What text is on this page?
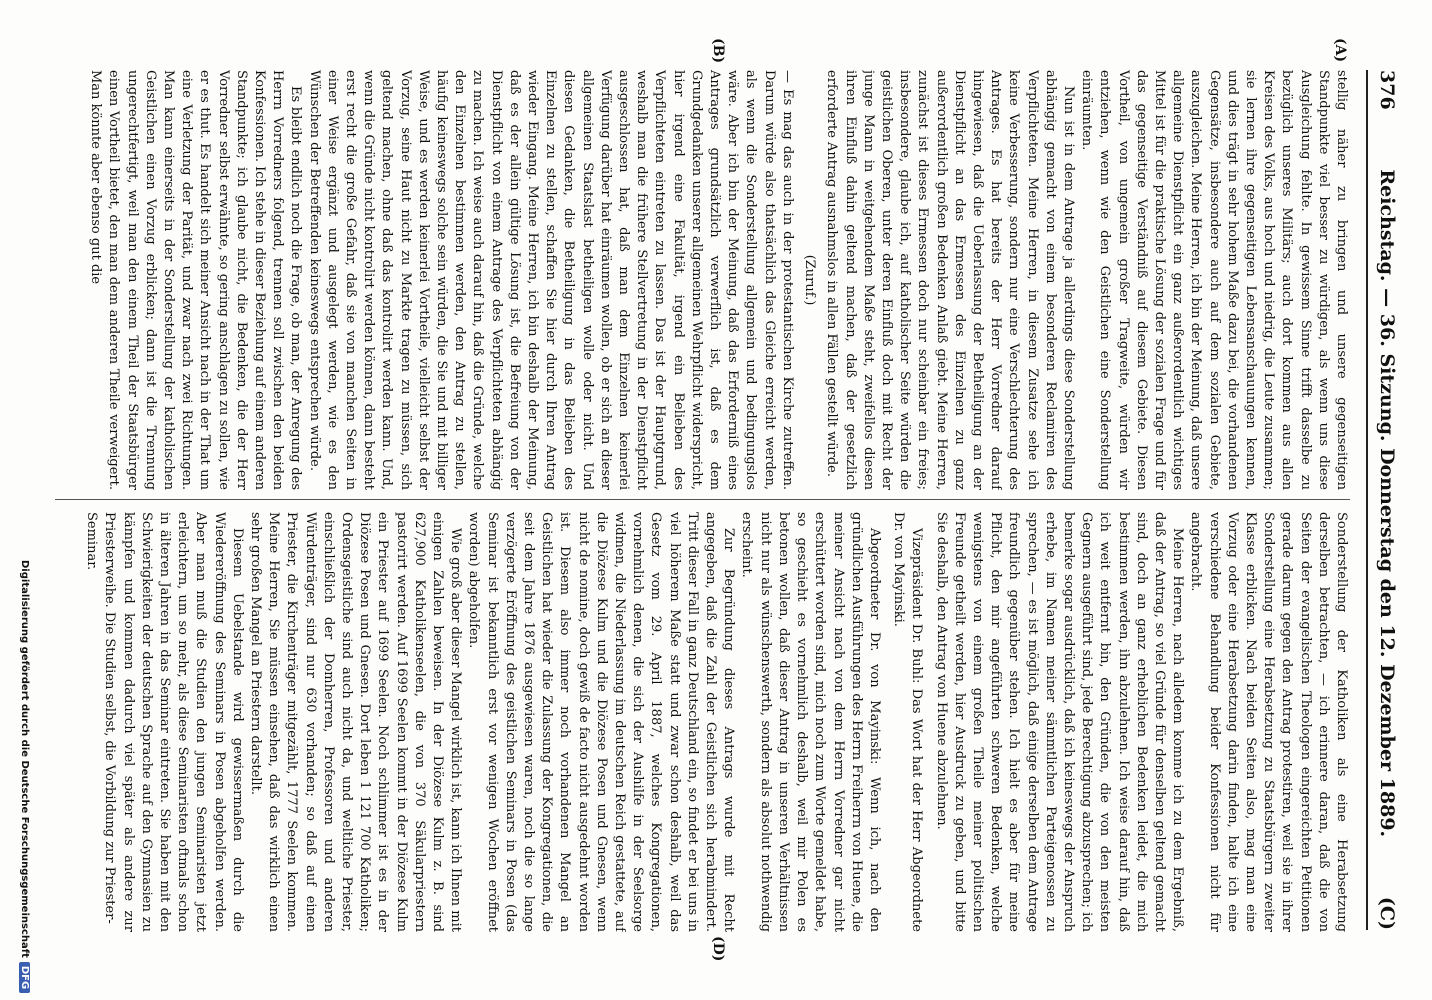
376
Reichstag. — 36. Sitzung. Donnerstag den 12. Dezember 1889.
(C)
(A)
(B)
(D)

stellig näher zu bringen und unsere gegenseitigen Standpunkte viel besser zu würdigen, als wenn uns diese Ausgleichung fehlte. In gewissem Sinne trifft dasselbe zu bezüglich unseres Militärs; auch dort kommen aus allen Kreisen des Volks, aus hoch und niedrig, die Leute zusammen; sie lernen ihre gegenseitigen Lebensanschauungen kennen, und dies trägt in sehr hohem Maße dazu bei, die vorhandenen Gegensätze, insbesondere auch auf dem sozialen Gebiete, auszugleichen. Meine Herren, ich bin der Meinung, daß unsere allgemeine Dienstpflicht ein ganz außerordentlich wichtiges Mittel ist für die praktische Lösung der sozialen Frage und für das gegenseitige Verständniß auf diesem Gebiete. Diesen Vortheil, von ungemein großer Tragweite, würden wir entziehen, wenn wie den Geistlichen eine Sonderstellung einräumten.

Nun ist in dem Antrage ja allerdings diese Sonderstellung abhängig gemacht von einem besonderen Reclamiren des Verpflichteten. Meine Herren, in diesem Zusatze sehe ich keine Verbesserung, sondern nur eine Verschlechterung des Antrages. Es hat bereits der Herr Vorredner darauf hingewiesen, daß die Ueberlassung der Betheiligung an der Dienstpflicht an das Ermessen des Einzelnen zu ganz außerordentlich großen Bedenken Anlaß giebt. Meine Herren, zunächst ist dieses Ermessen doch nur scheinbar ein freies; insbesondere, glaube ich, auf katholischer Seite würden die geistlichen Oberen, unter deren Einfluß doch mit Recht der junge Mann in weitgehendem Maße steht, zweifellos diesen ihren Einfluß dahin geltend machen, daß der gesetzlich erforderte Antrag ausnahmslos in allen Fällen gestellt würde.

(Zuruf.)

— Es mag das auch in der protestantischen Kirche zutreffen. Darum würde also thatsächlich das Gleiche erreicht werden, als wenn die Sonderstellung allgemein und bedingungslos wäre. Aber ich bin der Meinung, daß das Erforderniß eines Antrages grundsätzlich verwerflich ist, daß es dem Grundgedanken unserer allgemeinen Wehrpflicht widerspricht, hier irgend eine Fakultät, irgend ein Belieben des Verpflichteten eintreten zu lassen. Das ist der Hauptgrund, weshalb man die frühere Stellvertretung in der Dienstpflicht ausgeschlossen hat, daß man dem Einzelnen keinerlei Verfügung darüber hat einräumen wollen, ob er sich an dieser allgemeinen Staatslast betheiligen wolle oder nicht. Und diesen Gedanken, die Betheiligung in das Belieben des Einzelnen zu stellen, schaffen Sie hier durch Ihren Antrag wieder Eingang. Meine Herren, ich bin deshalb der Meinung, daß es der allein gültige Lösung ist, die Befreiung von der Dienstpflicht von einem Antrage des Verpflichteten abhängig zu machen. Ich weise auch darauf hin, daß die Gründe, welche den Einzelnen bestimmen werden, den Antrag zu stellen, häufig keineswegs solche sein würden, die Sie und mit billiger Weise, und es werden keinerlei Vortheile, vielleicht selbst der Vorzug, seine Haut nicht zu Markte tragen zu müssen, sich geltend machen, ohne daß das kontrolirt werden kann. Und, wenn die Gründe nicht kontrolirt werden können, dann besteht erst recht die große Gefahr, daß sie von manchen Seiten in einer Weise ergänzt und ausgelegt werden, wie es den Wünschen der Betreffenden keineswegs entsprechen würde.

Es bleibt endlich noch die Frage, ob man, der Anregung des Herrn Vorredners folgend, trennen soll zwischen den beiden Konfessionen. Ich stehe in dieser Beziehung auf einem anderen Standpunkte; ich glaube nicht, die Bedenken, die der Herr Vorredner selbst erwähnte, so gering anschlagen zu sollen, wie er es thut. Es handelt sich meiner Ansicht nach in der That um eine Verletzung der Parität, und zwar nach zwei Richtungen. Man kann einerseits in der Sonderstellung der katholischen Geistlichen einen Vorzug erblicken; dann ist die Trennung ungerechtfertigt, weil man den einem Theil der Staatsbürger einen Vortheil bietet, den man dem anderen Theile verweigert. Man könnte aber ebenso gut die

Sonderstellung der Katholiken als eine Herabsetzung derselben betrachten, — ich erinnere daran, daß die von Seiten der evangelischen Theologen eingereichten Petitionen gerade darum gegen den Antrag protestiren, weil sie in ihrer Sonderstellung eine Herabsetzung zu Staatsbürgern zweiter Klasse erblicken. Nach beiden Seiten also, mag man eine Vorzug oder eine Herabsetzung darin finden, halte ich eine verschiedene Behandlung beider Konfessionen nicht für angebracht.

Meine Herren, nach alledem komme ich zu dem Ergebniß, daß der Antrag, so viel Gründe für denselben geltend gemacht sind, doch an ganz erheblichen Bedenken leidet, die mich bestimmen werden, ihn abzulehnen. Ich weise darauf hin, daß ich weit entfernt bin, den Gründen, die von den meisten Gegnern ausgeführt sind, jede Berechtigung abzusprechen; ich bemerke sogar ausdrücklich, daß ich keineswegs der Anspruch erhebe, im Namen meiner sämmtlichen Parteigenossen zu sprechen, — es ist möglich, daß einige derselben dem Antrage freundlich gegenüber stehen. Ich hielt es aber für meine Pflicht, den mir angeführten schweren Bedenken, welche wenigstens von einem großen Theile meiner politischen Freunde getheilt werden, hier Ausdruck zu geben, und bitte Sie deshalb, den Antrag von Huene abzulehnen.

Vizepräsident Dr. Buhl: Das Wort hat der Herr Abgeordnete Dr. von Mayinski.

Abgeordneter Dr. von Mayinski: Wenn ich, nach den gründlichen Ausführungen des Herrn Freiherrn von Huene, die meiner Ansicht nach von dem Herrn Vorredner gar nicht erschüttert worden sind, mich noch zum Worte gemeldet habe, so geschieht es vornehmlich deshalb, weil mir Polen es betonen wollen, daß dieser Antrag in unseren Verhältnissen nicht nur als wünschenswerth, sondern als absolut nothwendig erscheint.

Zur Begründung dieses Antrags wurde mit Recht angegeben, daß die Zahl der Geistlichen sich herabmindert. Tritt dieser Fall in ganz Deutschland ein, so findet er bei uns in viel höherem Maße statt und zwar schon deshalb, weil das Gesetz vom 29. April 1887, welches Kongregationen, vornehmlich denen, die sich der Aushilfe in der Seelsorge widmen, die Niederlassung im deutschen Reich gestattete, auf die Diözese Kulm und die Diözese Posen und Gnesen, wenn nicht de nomine, doch gewiß de facto nicht ausgedehnt worden ist. Diesem also immer noch vorhandenen Mangel an Geistlichen hat wieder die Zulassung der Kongregationen, die seit dem Jahre 1876 ausgewiesen waren, noch die so lange verzögerte Eröffnung des geistlichen Seminars in Posen (das Seminar ist bekanntlich erst vor wenigen Wochen eröffnet worden) abgeholfen.

Wie groß aber dieser Mangel wirklich ist, kann ich Ihnen mit einigen Zahlen beweisen. In der Diözese Kulm z. B. sind 627,900 Katholikenseelen, die von 370 Säkularpriestern pastorirt werden. Auf 1699 Seelen kommt in der Diözese Kulm ein Priester auf 1699 Seelen. Noch schlimmer ist es in der Diözese Posen und Gnesen. Dort leben 1 121 700 Katholiken; Ordensgeistliche sind auch nicht da, und weltliche Priester, einschließlich der Domherren, Professoren und anderen Würdenträger, sind nur 630 vorhanden; so daß auf einen Priester, die Kirchenträger mitgezählt, 1777 Seelen kommen. Meine Herren, Sie müssen einsehen, daß das wirklich einen sehr großen Mangel an Priestern darstellt.

Diesem Uebelstande wird gewissermaßen durch die Wiedereröffnung des Seminars in Posen abgeholfen werden. Aber man muß die Studien den jungen Seminaristen jetzt erleichtern, um so mehr, als diese Seminaristen oftmals schon in älteren Jahren in das Seminar eintreten. Sie haben mit den Schwierigkeiten der deutschen Sprache auf den Gymnasien zu kämpfen und kommen dadurch viel später als andere zur Priesterweihe. Die Studien selbst, die Vorbildung zur Priester-

Seminar.

Digitalisierung gefördert durch die Deutsche ForschungsgemeinschaftDFG
